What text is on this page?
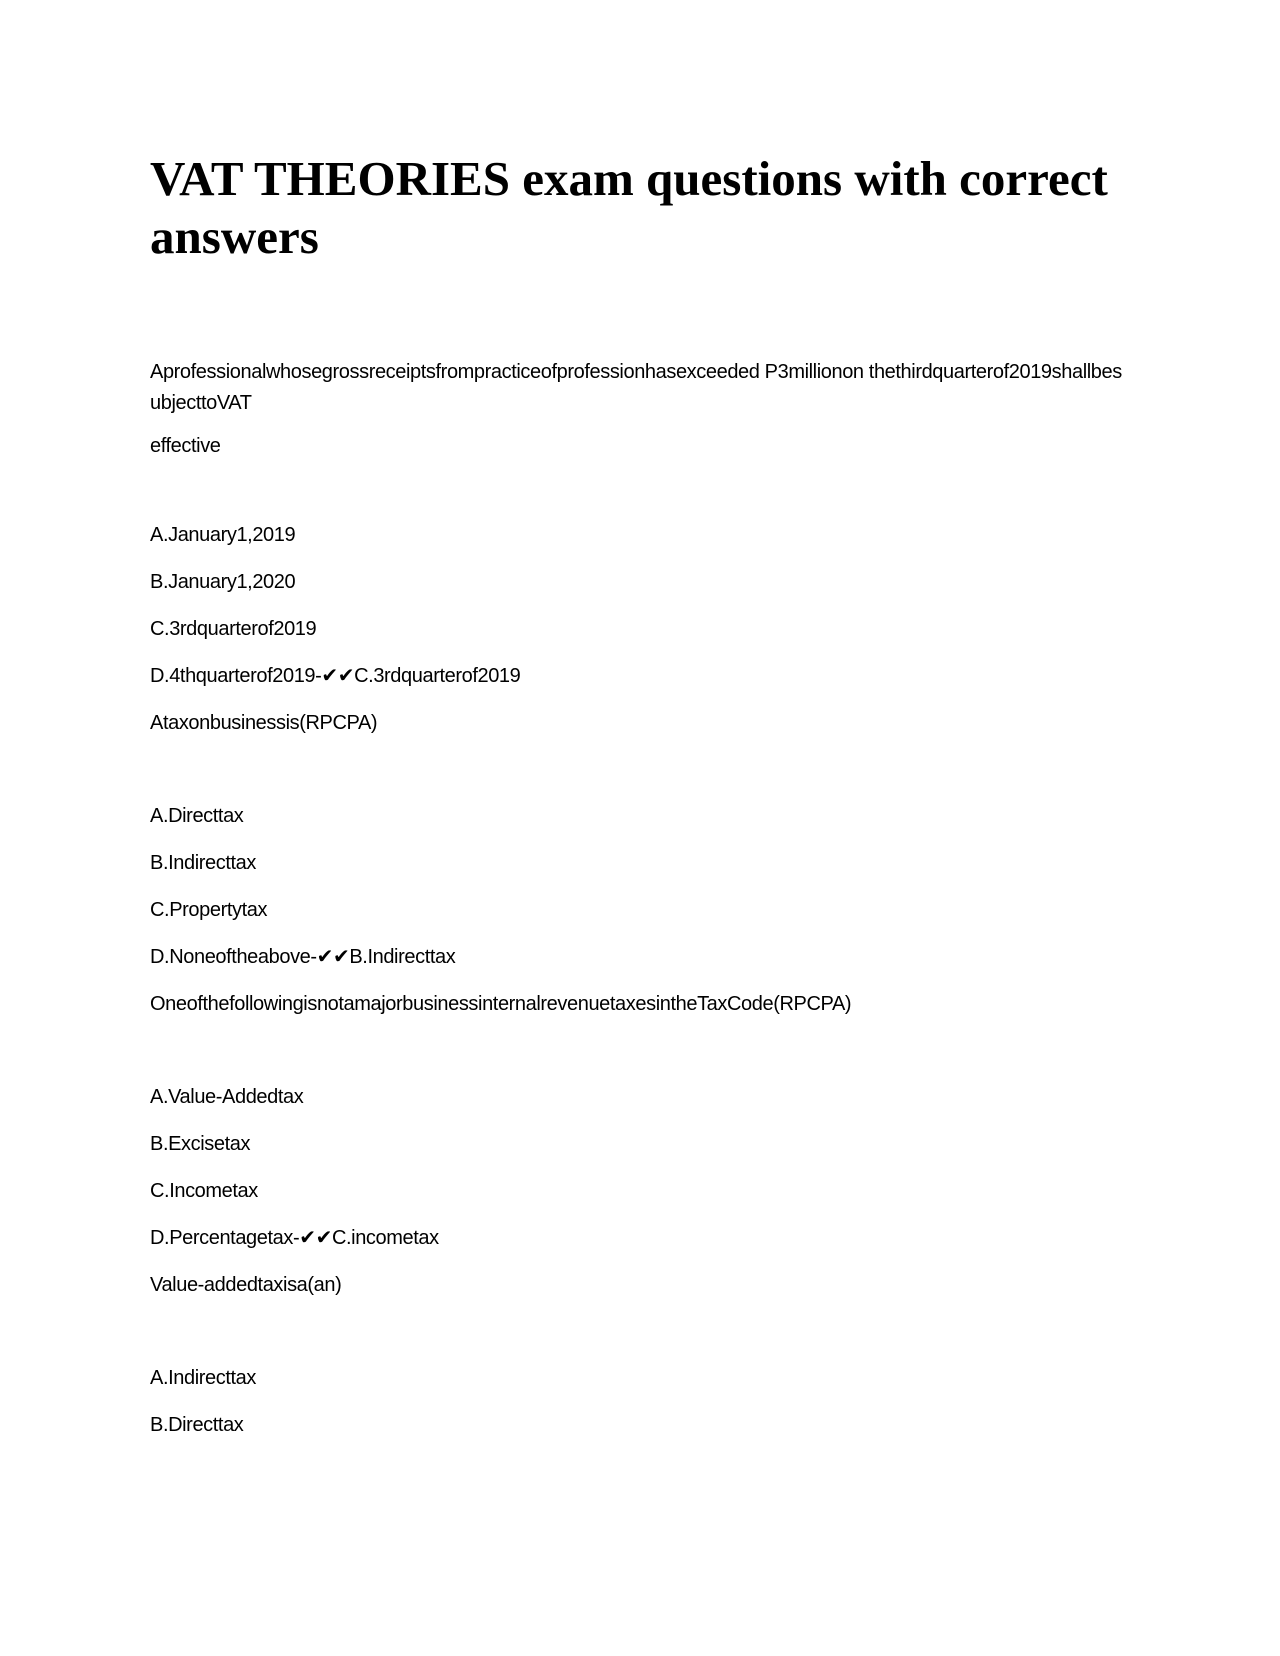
VAT THEORIES exam questions with correct answers

Aprofessionalwhosegrossreceiptsfrompracticeofprofessionhasexceeded P3millionon thethirdquarterof2019shallbesubjecttoVAT

effective

A.January1,2019

B.January1,2020

C.3rdquarterof2019

D.4thquarterof2019-✔✔C.3rdquarterof2019

Ataxonbusinessis(RPCPA)

A.Directtax

B.Indirecttax

C.Propertytax

D.Noneoftheabove-✔✔B.Indirecttax

OneofthefollowingisnotamajorbusinessinternalrevenuetaxesintheTaxCode(RPCPA)

A.Value-Addedtax

B.Excisetax

C.Incometax

D.Percentagetax-✔✔C.incometax

Value-addedtaxisa(an)

A.Indirecttax

B.Directtax
